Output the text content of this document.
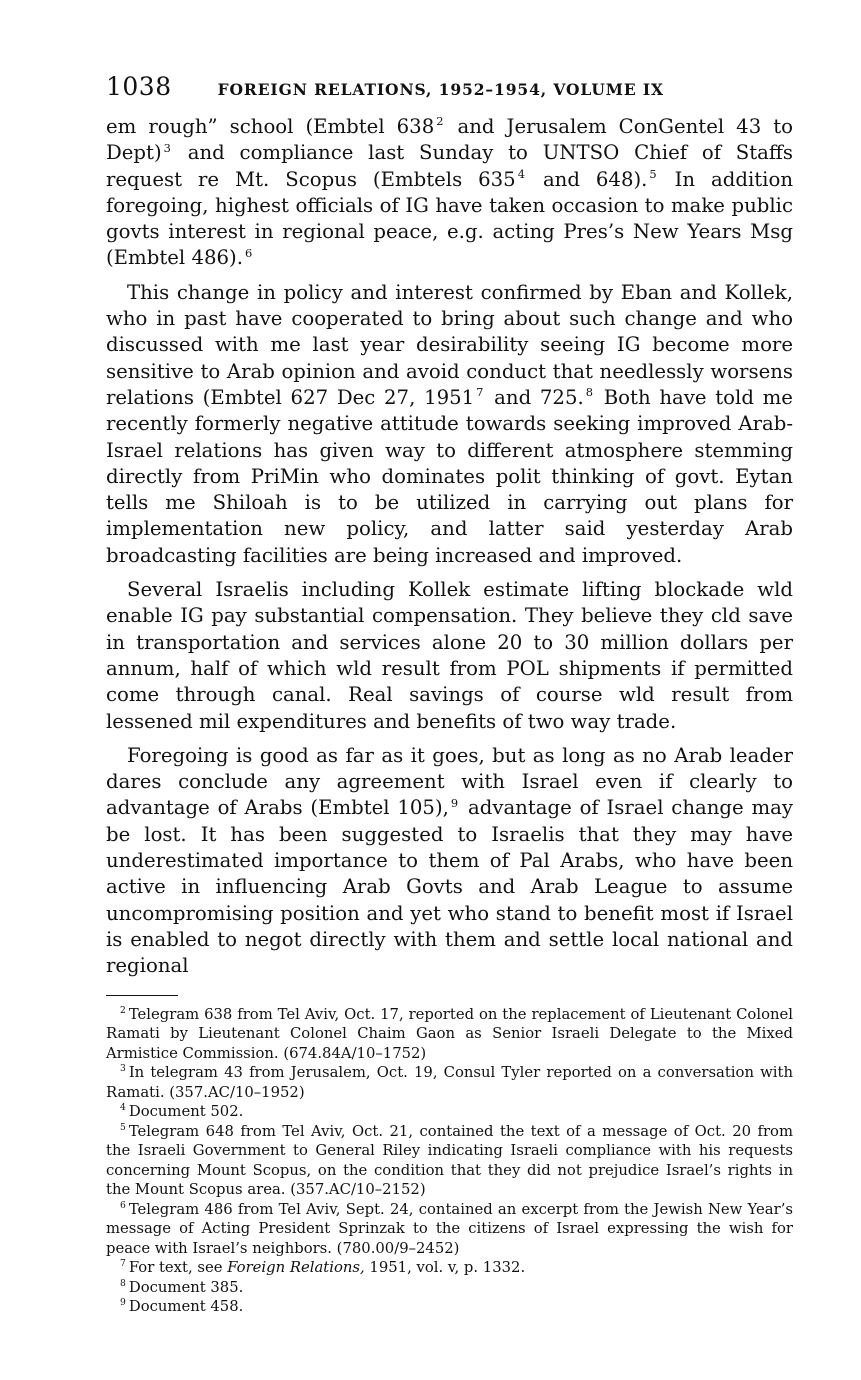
1038	FOREIGN RELATIONS, 1952–1954, VOLUME IX

em rough” school (Embtel 638 $^2$ and Jerusalem ConGentel 43 to Dept) $^3$ and compliance last Sunday to UNTSO Chief of Staffs request re Mt. Scopus (Embtels 635 $^4$ and 648). $^5$ In addition foregoing, highest officials of IG have taken occasion to make public govts interest in regional peace, e.g. acting Pres’s New Years Msg (Embtel 486). $^6$

This change in policy and interest confirmed by Eban and Kollek, who in past have cooperated to bring about such change and who discussed with me last year desirability seeing IG become more sensitive to Arab opinion and avoid conduct that needlessly worsens relations (Embtel 627 Dec 27, 1951 $^7$ and 725. $^8$ Both have told me recently formerly negative attitude towards seeking improved Arab-Israel relations has given way to different atmosphere stemming directly from PriMin who dominates polit thinking of govt. Eytan tells me Shiloah is to be utilized in carrying out plans for implementation new policy, and latter said yesterday Arab broadcasting facilities are being increased and improved.

Several Israelis including Kollek estimate lifting blockade wld enable IG pay substantial compensation. They believe they cld save in transportation and services alone 20 to 30 million dollars per annum, half of which wld result from POL shipments if permitted come through canal. Real savings of course wld result from lessened mil expenditures and benefits of two way trade.

Foregoing is good as far as it goes, but as long as no Arab leader dares conclude any agreement with Israel even if clearly to advantage of Arabs (Embtel 105), $^9$ advantage of Israel change may be lost. It has been suggested to Israelis that they may have underestimated importance to them of Pal Arabs, who have been active in influencing Arab Govts and Arab League to assume uncompromising position and yet who stand to benefit most if Israel is enabled to negot directly with them and settle local national and regional

$^2$ Telegram 638 from Tel Aviv, Oct. 17, reported on the replacement of Lieutenant Colonel Ramati by Lieutenant Colonel Chaim Gaon as Senior Israeli Delegate to the Mixed Armistice Commission. (674.84A/10–1752)

$^3$ In telegram 43 from Jerusalem, Oct. 19, Consul Tyler reported on a conversation with Ramati. (357.AC/10–1952)

$^4$ Document 502.

$^5$ Telegram 648 from Tel Aviv, Oct. 21, contained the text of a message of Oct. 20 from the Israeli Government to General Riley indicating Israeli compliance with his requests concerning Mount Scopus, on the condition that they did not prejudice Israel’s rights in the Mount Scopus area. (357.AC/10–2152)

$^6$ Telegram 486 from Tel Aviv, Sept. 24, contained an excerpt from the Jewish New Year’s message of Acting President Sprinzak to the citizens of Israel expressing the wish for peace with Israel’s neighbors. (780.00/9–2452)

$^7$ For text, see Foreign Relations, 1951, vol. v, p. 1332.

$^8$ Document 385.

$^9$ Document 458.
